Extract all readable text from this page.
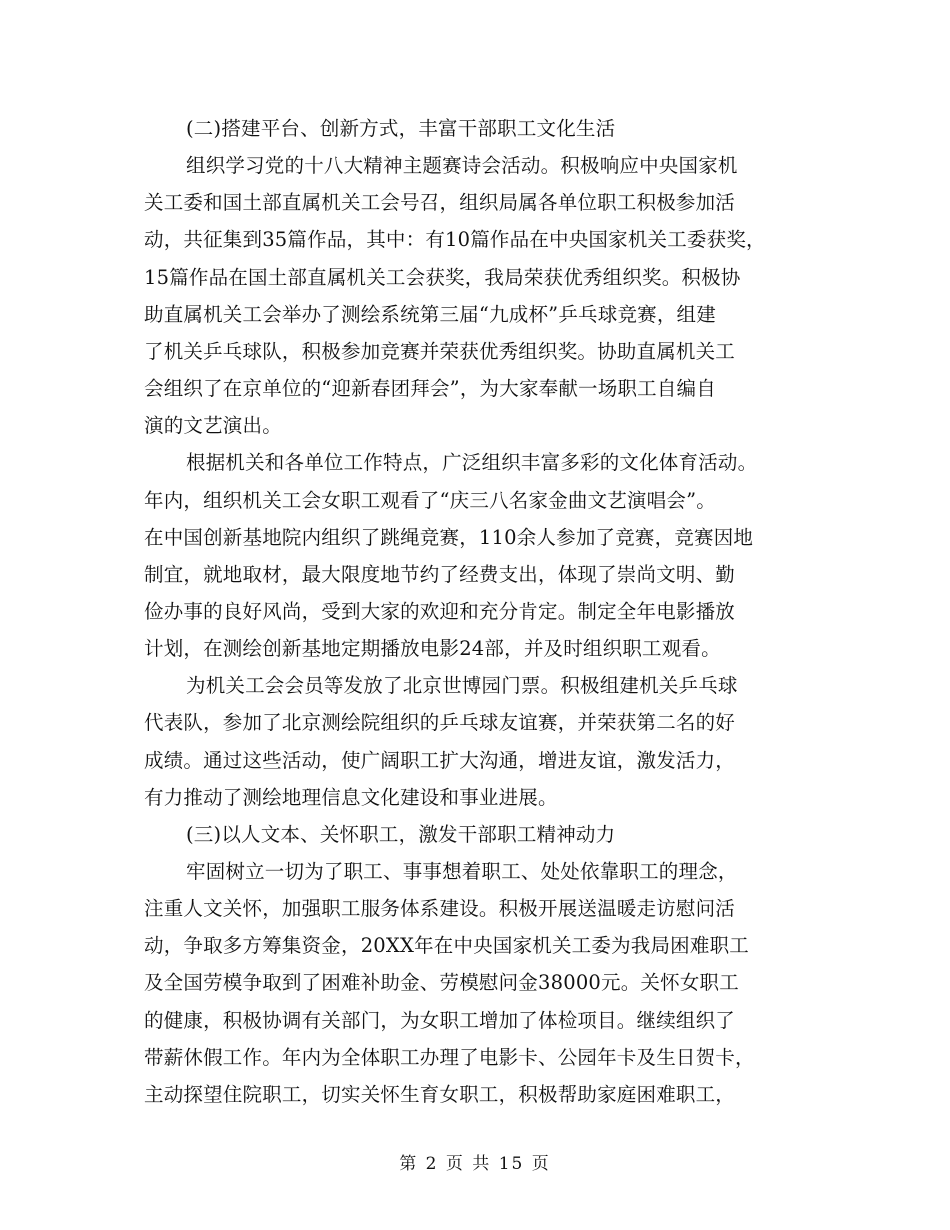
(二)搭建平台、创新方式，丰富干部职工文化生活
组织学习党的十八大精神主题赛诗会活动。积极响应中央国家机
关工委和国土部直属机关工会号召，组织局属各单位职工积极参加活
动，共征集到35篇作品，其中：有10篇作品在中央国家机关工委获奖，
15篇作品在国土部直属机关工会获奖，我局荣获优秀组织奖。积极协
助直属机关工会举办了测绘系统第三届“九成杯”乒乓球竞赛，组建
了机关乒乓球队，积极参加竞赛并荣获优秀组织奖。协助直属机关工
会组织了在京单位的“迎新春团拜会”，为大家奉献一场职工自编自
演的文艺演出。
根据机关和各单位工作特点，广泛组织丰富多彩的文化体育活动。
年内，组织机关工会女职工观看了“庆三八名家金曲文艺演唱会”。
在中国创新基地院内组织了跳绳竞赛，110余人参加了竞赛，竞赛因地
制宜，就地取材，最大限度地节约了经费支出，体现了崇尚文明、勤
俭办事的良好风尚，受到大家的欢迎和充分肯定。制定全年电影播放
计划，在测绘创新基地定期播放电影24部，并及时组织职工观看。
为机关工会会员等发放了北京世博园门票。积极组建机关乒乓球
代表队，参加了北京测绘院组织的乒乓球友谊赛，并荣获第二名的好
成绩。通过这些活动，使广阔职工扩大沟通，增进友谊，激发活力，
有力推动了测绘地理信息文化建设和事业进展。
(三)以人文本、关怀职工，激发干部职工精神动力
牢固树立一切为了职工、事事想着职工、处处依靠职工的理念，
注重人文关怀，加强职工服务体系建设。积极开展送温暖走访慰问活
动，争取多方筹集资金，20XX年在中央国家机关工委为我局困难职工
及全国劳模争取到了困难补助金、劳模慰问金38000元。关怀女职工
的健康，积极协调有关部门，为女职工增加了体检项目。继续组织了
带薪休假工作。年内为全体职工办理了电影卡、公园年卡及生日贺卡，
主动探望住院职工，切实关怀生育女职工，积极帮助家庭困难职工，
第 2 页 共 15 页
